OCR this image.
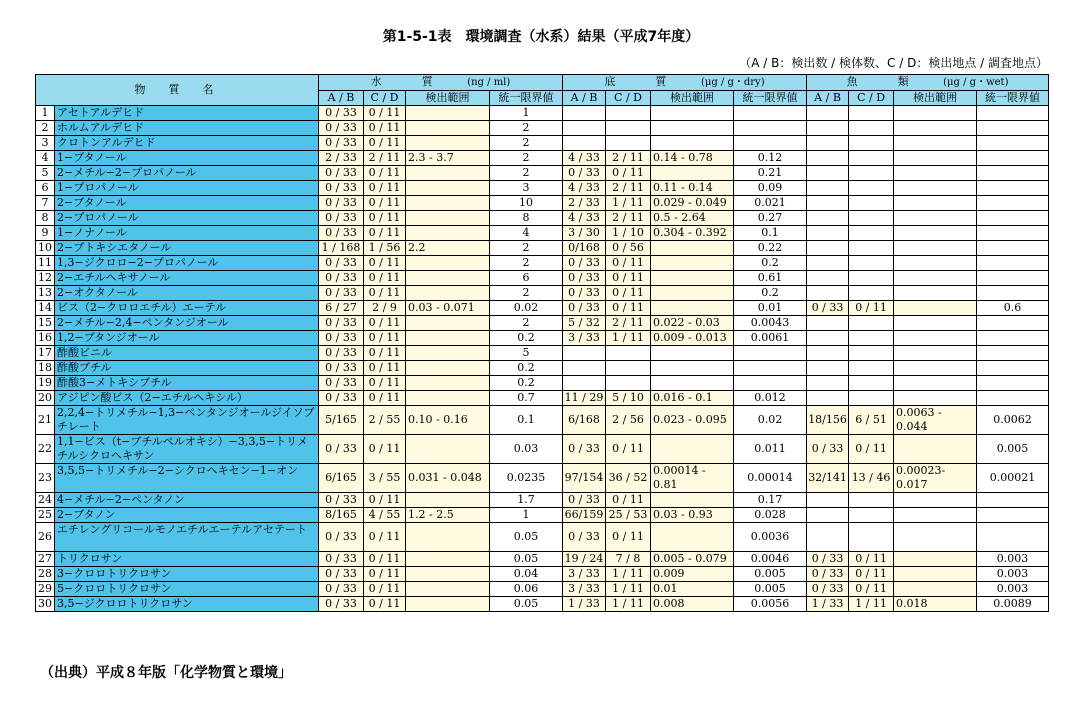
第1-5-1表　環境調査（水系）結果（平成7年度）
（A / B：検出数 / 検体数、C / D：検出地点 / 調査地点）
物　質　名		水　　質 (ng / ml)				底　　質 (μg / g・dry)				魚　　類 (μg / g・wet)			
		A / B	C / D	検出範囲	統一限界値	A / B	C / D	検出範囲	統一限界値	A / B	C / D	検出範囲	統一限界値
1	アセトアルデヒド	0 / 33	0 / 11		1								
2	ホルムアルデヒド	0 / 33	0 / 11		2								
3	クロトンアルデヒド	0 / 33	0 / 11		2								
4	1−ブタノール	2 / 33	2 / 11	2.3 - 3.7	2	4 / 33	2 / 11	0.14 - 0.78	0.12				
5	2−メチル−2−プロパノール	0 / 33	0 / 11		2	0 / 33	0 / 11		0.21				
6	1−プロパノール	0 / 33	0 / 11		3	4 / 33	2 / 11	0.11 - 0.14	0.09				
7	2−ブタノール	0 / 33	0 / 11		10	2 / 33	1 / 11	0.029 - 0.049	0.021				
8	2−プロパノール	0 / 33	0 / 11		8	4 / 33	2 / 11	0.5 - 2.64	0.27				
9	1−ノナノール	0 / 33	0 / 11		4	3 / 30	1 / 10	0.304 - 0.392	0.1				
10	2−ブトキシエタノール	1 / 168	1 / 56	2.2	2	0/168	0 / 56		0.22				
11	1,3−ジクロロ−2−プロパノール	0 / 33	0 / 11		2	0 / 33	0 / 11		0.2				
12	2−エチルヘキサノール	0 / 33	0 / 11		6	0 / 33	0 / 11		0.61				
13	2−オクタノール	0 / 33	0 / 11		2	0 / 33	0 / 11		0.2				
14	ビス（2−クロロエチル）エーテル	6 / 27	2 / 9	0.03 - 0.071	0.02	0 / 33	0 / 11		0.01	0 / 33	0 / 11		0.6
15	2−メチル−2,4−ペンタンジオール	0 / 33	0 / 11		2	5 / 32	2 / 11	0.022 - 0.03	0.0043				
16	1,2−ブタンジオール	0 / 33	0 / 11		0.2	3 / 33	1 / 11	0.009 - 0.013	0.0061				
17	酢酸ビニル	0 / 33	0 / 11		5								
18	酢酸ブチル	0 / 33	0 / 11		0.2								
19	酢酸3−メトキシブチル	0 / 33	0 / 11		0.2								
20	アジピン酸ビス（2−エチルヘキシル）	0 / 33	0 / 11		0.7	11 / 29	5 / 10	0.016 - 0.1	0.012				
21	2,2,4−トリメチル−1,3−ペンタンジオールジイソブチレート	5/165	2 / 55	0.10 - 0.16	0.1	6/168	2 / 56	0.023 - 0.095	0.02	18/156	6 / 51	0.0063 - 0.044	0.0062
22	1,1−ビス（t−ブチルペルオキシ）−3,3,5−トリメチルシクロヘキサン	0 / 33	0 / 11		0.03	0 / 33	0 / 11		0.011	0 / 33	0 / 11		0.005
23	3,5,5−トリメチル−2−シクロヘキセン−1−オン	6/165	3 / 55	0.031 - 0.048	0.0235	97/154	36 / 52	0.00014 - 0.81	0.00014	32/141	13 / 46	0.00023-0.017	0.00021
24	4−メチル−2−ペンタノン	0 / 33	0 / 11		1.7	0 / 33	0 / 11		0.17				
25	2−ブタノン	8/165	4 / 55	1.2 - 2.5	1	66/159	25 / 53	0.03 - 0.93	0.028				
26	エチレングリコールモノエチルエーテルアセテート	0 / 33	0 / 11		0.05	0 / 33	0 / 11		0.0036				
27	トリクロサン	0 / 33	0 / 11		0.05	19 / 24	7 / 8	0.005 - 0.079	0.0046	0 / 33	0 / 11		0.003
28	3−クロロトリクロサン	0 / 33	0 / 11		0.04	3 / 33	1 / 11	0.009	0.005	0 / 33	0 / 11		0.003
29	5−クロロトリクロサン	0 / 33	0 / 11		0.06	3 / 33	1 / 11	0.01	0.005	0 / 33	0 / 11		0.003
30	3,5−ジクロロトリクロサン	0 / 33	0 / 11		0.05	1 / 33	1 / 11	0.008	0.0056	1 / 33	1 / 11	0.018	0.0089
（出典）平成８年版「化学物質と環境」
